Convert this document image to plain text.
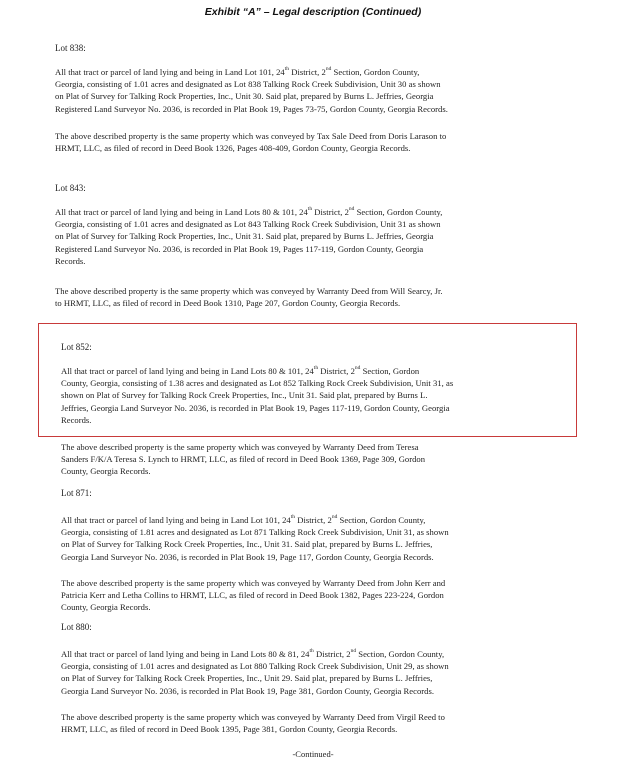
Exhibit “A” – Legal description (Continued)
Lot 838:
All that tract or parcel of land lying and being in Land Lot 101, 24th District, 2nd Section, Gordon County,
Georgia, consisting of 1.01 acres and designated as Lot 838 Talking Rock Creek Subdivision, Unit 30 as shown
on Plat of Survey for Talking Rock Properties, Inc., Unit 30. Said plat, prepared by Burns L. Jeffries, Georgia
Registered Land Surveyor No. 2036, is recorded in Plat Book 19, Pages 73-75, Gordon County, Georgia Records.
The above described property is the same property which was conveyed by Tax Sale Deed from Doris Larason to
HRMT, LLC, as filed of record in Deed Book 1326, Pages 408-409, Gordon County, Georgia Records.
Lot 843:
All that tract or parcel of land lying and being in Land Lots 80 & 101, 24th District, 2nd Section, Gordon County,
Georgia, consisting of 1.01 acres and designated as Lot 843 Talking Rock Creek Subdivision, Unit 31 as shown
on Plat of Survey for Talking Rock Properties, Inc., Unit 31. Said plat, prepared by Burns L. Jeffries, Georgia
Registered Land Surveyor No. 2036, is recorded in Plat Book 19, Pages 117-119, Gordon County, Georgia
Records.
The above described property is the same property which was conveyed by Warranty Deed from Will Searcy, Jr.
to HRMT, LLC, as filed of record in Deed Book 1310, Page 207, Gordon County, Georgia Records.
Lot 852:
All that tract or parcel of land lying and being in Land Lots 80 & 101, 24th District, 2nd Section, Gordon
County, Georgia, consisting of 1.38 acres and designated as Lot 852 Talking Rock Creek Subdivision, Unit 31, as
shown on Plat of Survey for Talking Rock Creek Properties, Inc., Unit 31. Said plat, prepared by Burns L.
Jeffries, Georgia Land Surveyor No. 2036, is recorded in Plat Book 19, Pages 117-119, Gordon County, Georgia
Records.
The above described property is the same property which was conveyed by Warranty Deed from Teresa
Sanders F/K/A Teresa S. Lynch to HRMT, LLC, as filed of record in Deed Book 1369, Page 309, Gordon
County, Georgia Records.
Lot 871:
All that tract or parcel of land lying and being in Land Lot 101, 24th District, 2nd Section, Gordon County,
Georgia, consisting of 1.81 acres and designated as Lot 871 Talking Rock Creek Subdivision, Unit 31, as shown
on Plat of Survey for Talking Rock Creek Properties, Inc., Unit 31. Said plat, prepared by Burns L. Jeffries,
Georgia Land Surveyor No. 2036, is recorded in Plat Book 19, Page 117, Gordon County, Georgia Records.
The above described property is the same property which was conveyed by Warranty Deed from John Kerr and
Patricia Kerr and Letha Collins to HRMT, LLC, as filed of record in Deed Book 1382, Pages 223-224, Gordon
County, Georgia Records.
Lot 880:
All that tract or parcel of land lying and being in Land Lots 80 & 81, 24th District, 2nd Section, Gordon County,
Georgia, consisting of 1.01 acres and designated as Lot 880 Talking Rock Creek Subdivision, Unit 29, as shown
on Plat of Survey for Talking Rock Creek Properties, Inc., Unit 29. Said plat, prepared by Burns L. Jeffries,
Georgia Land Surveyor No. 2036, is recorded in Plat Book 19, Page 381, Gordon County, Georgia Records.
The above described property is the same property which was conveyed by Warranty Deed from Virgil Reed to
HRMT, LLC, as filed of record in Deed Book 1395, Page 381, Gordon County, Georgia Records.
-Continued-
